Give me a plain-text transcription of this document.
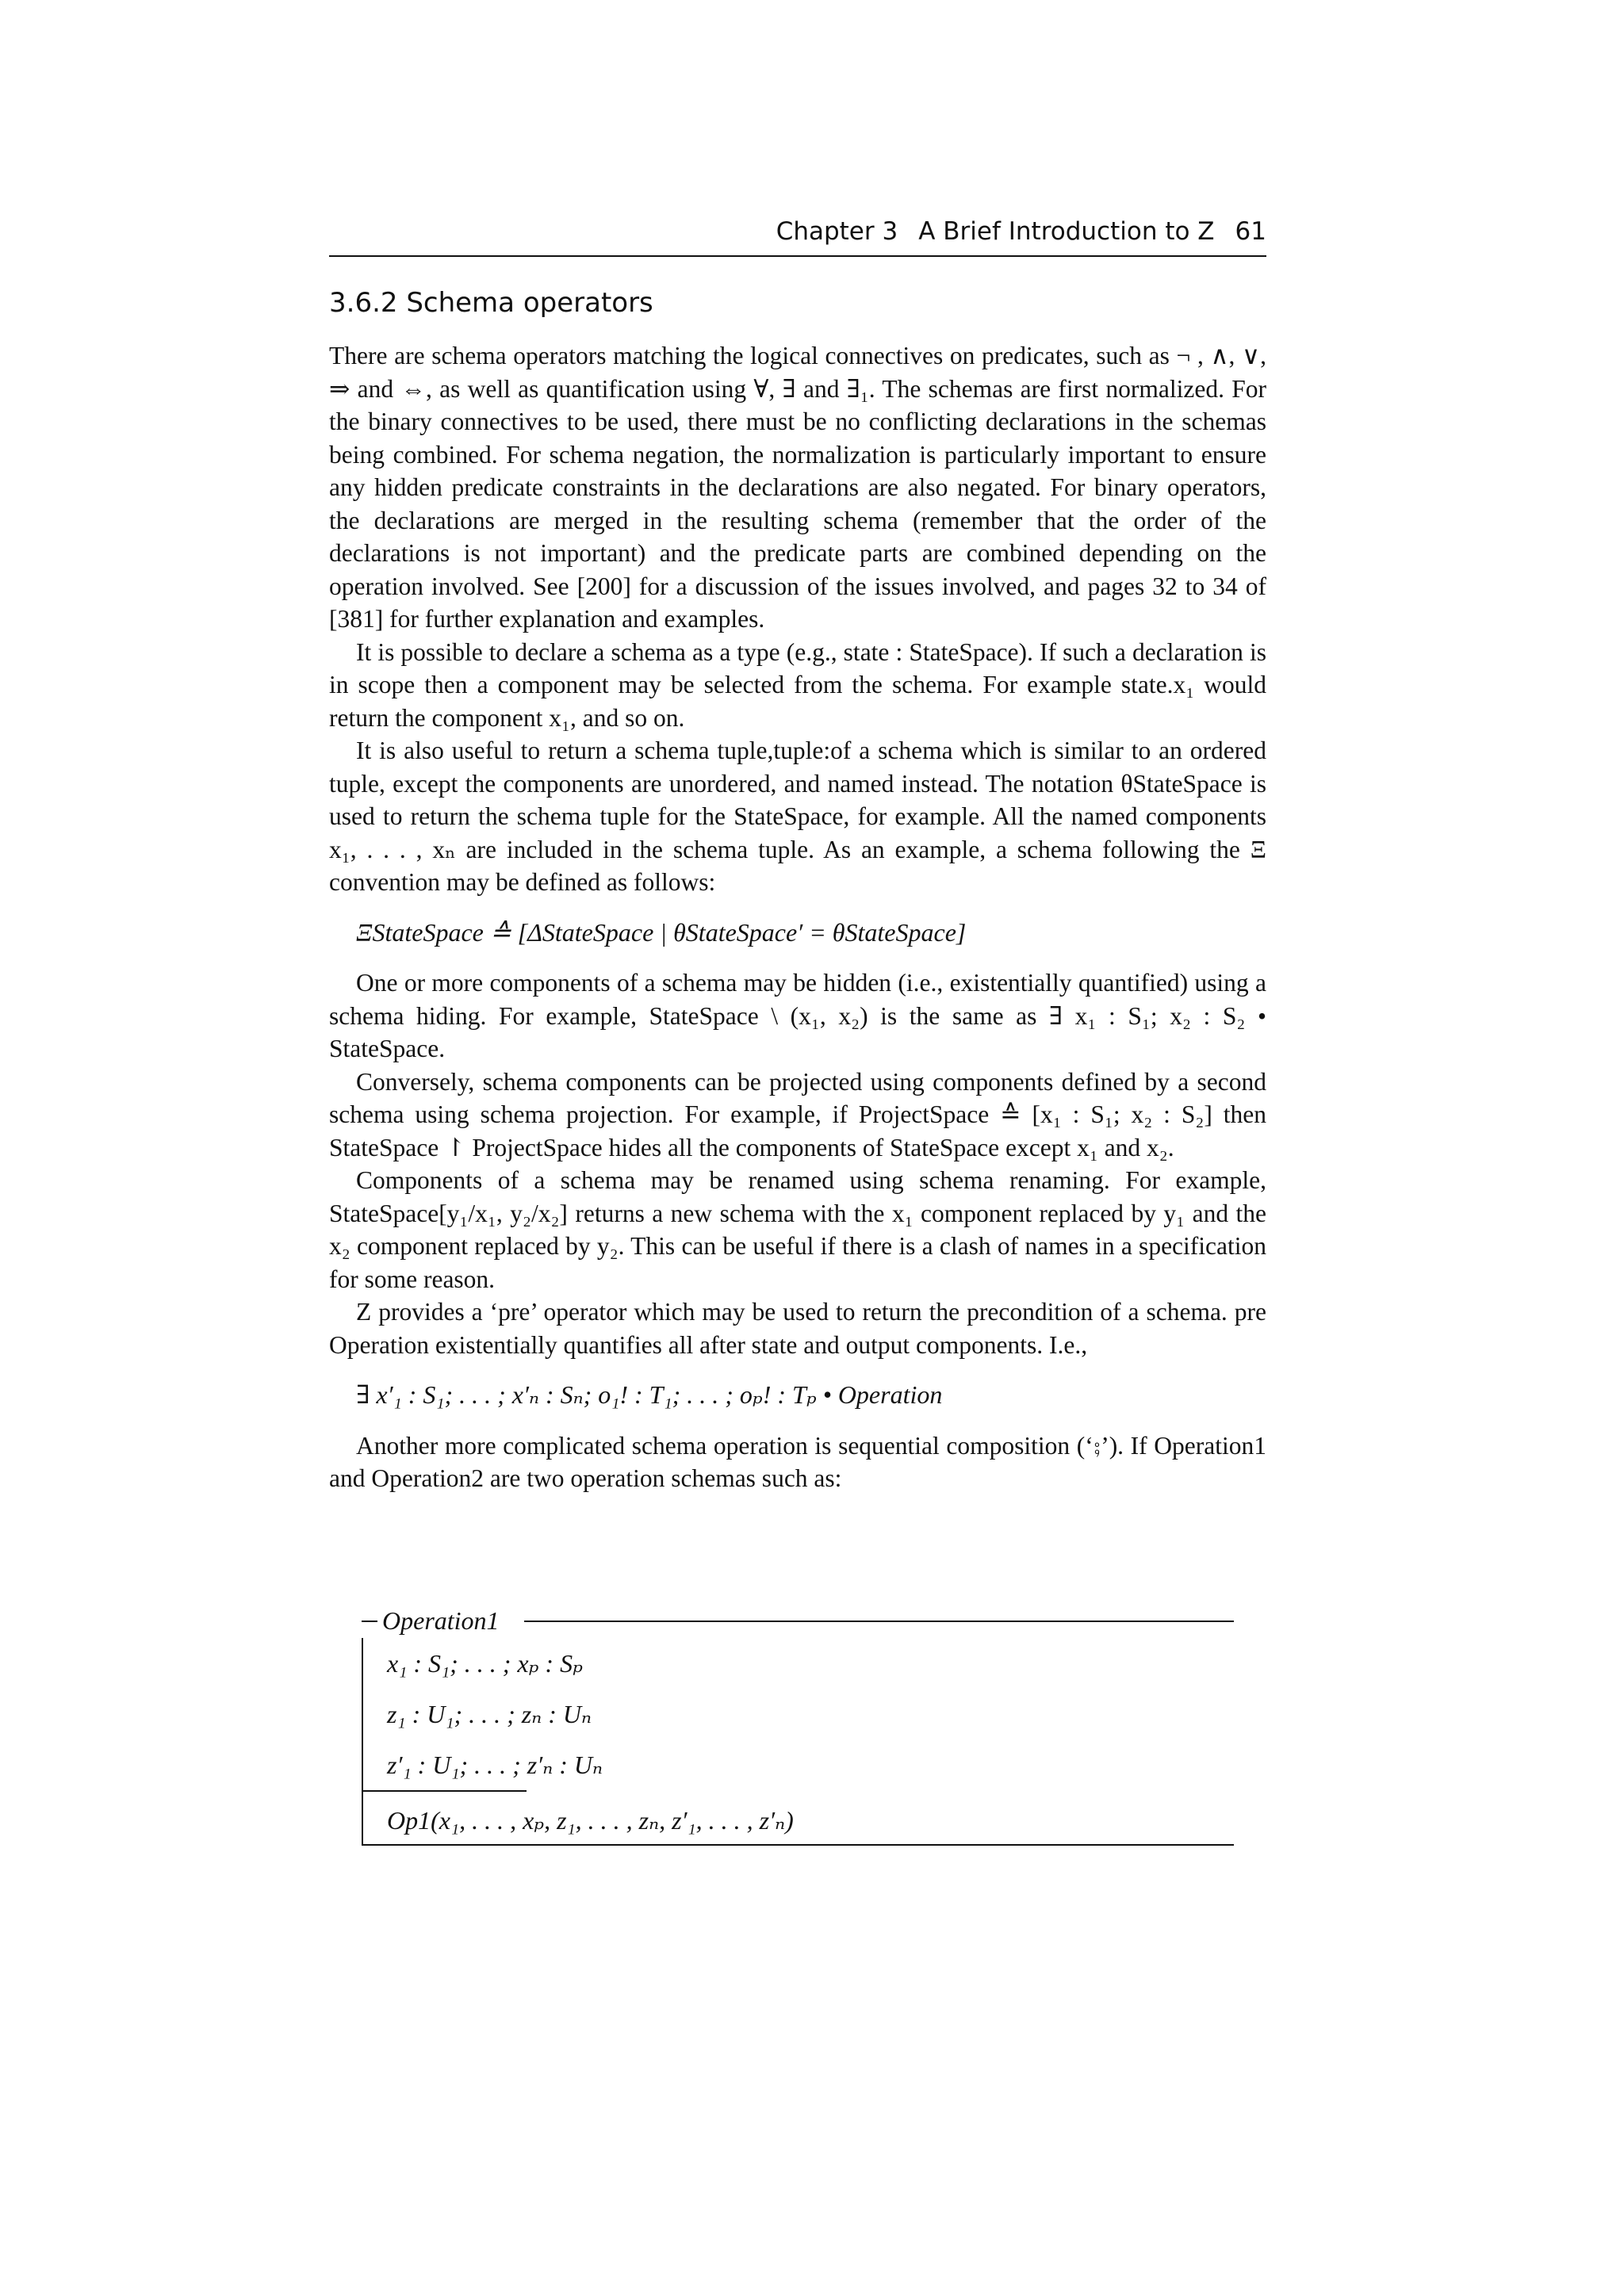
Chapter 3 A Brief Introduction to Z 61
3.6.2 Schema operators

There are schema operators matching the logical connectives on predicates, such as ¬ , ∧, ∨, ⇒ and ⇔, as well as quantification using ∀, ∃ and ∃₁. The schemas are first normalized. For the binary connectives to be used, there must be no conflicting declarations in the schemas being combined. For schema negation, the normalization is particularly important to ensure any hidden predicate constraints in the declarations are also negated. For binary operators, the declarations are merged in the resulting schema (remember that the order of the declarations is not important) and the predicate parts are combined depending on the operation involved. See [200] for a discussion of the issues involved, and pages 32 to 34 of [381] for further explanation and examples.

It is possible to declare a schema as a type (e.g., state : StateSpace). If such a declaration is in scope then a component may be selected from the schema. For example state.x₁ would return the component x₁, and so on.

It is also useful to return a schema tuple,tuple:of a schema which is similar to an ordered tuple, except the components are unordered, and named instead. The notation θStateSpace is used to return the schema tuple for the StateSpace, for example. All the named components x₁, . . . , xₙ are included in the schema tuple. As an example, a schema following the Ξ convention may be defined as follows:

ΞStateSpace ≙ [ΔStateSpace | θStateSpace′ = θStateSpace]

One or more components of a schema may be hidden (i.e., existentially quantified) using a schema hiding. For example, StateSpace \ (x₁, x₂) is the same as ∃ x₁ : S₁; x₂ : S₂ • StateSpace.

Conversely, schema components can be projected using components defined by a second schema using schema projection. For example, if ProjectSpace ≙ [x₁ : S₁; x₂ : S₂] then StateSpace ↾ ProjectSpace hides all the components of StateSpace except x₁ and x₂.

Components of a schema may be renamed using schema renaming. For example, StateSpace[y₁/x₁, y₂/x₂] returns a new schema with the x₁ component replaced by y₁ and the x₂ component replaced by y₂. This can be useful if there is a clash of names in a specification for some reason.

Z provides a ‘pre’ operator which may be used to return the precondition of a schema. pre Operation existentially quantifies all after state and output components. I.e.,

∃ x′₁ : S₁; . . . ; x′ₙ : Sₙ; o₁! : T₁; . . . ; oₚ! : Tₚ • Operation

Another more complicated schema operation is sequential composition (‘⨟’). If Operation1 and Operation2 are two operation schemas such as:

Operation1
x₁ : S₁; . . . ; xₚ : Sₚ
z₁ : U₁; . . . ; zₙ : Uₙ
z′₁ : U₁; . . . ; z′ₙ : Uₙ
Op1(x₁, . . . , xₚ, z₁, . . . , zₙ, z′₁, . . . , z′ₙ)
